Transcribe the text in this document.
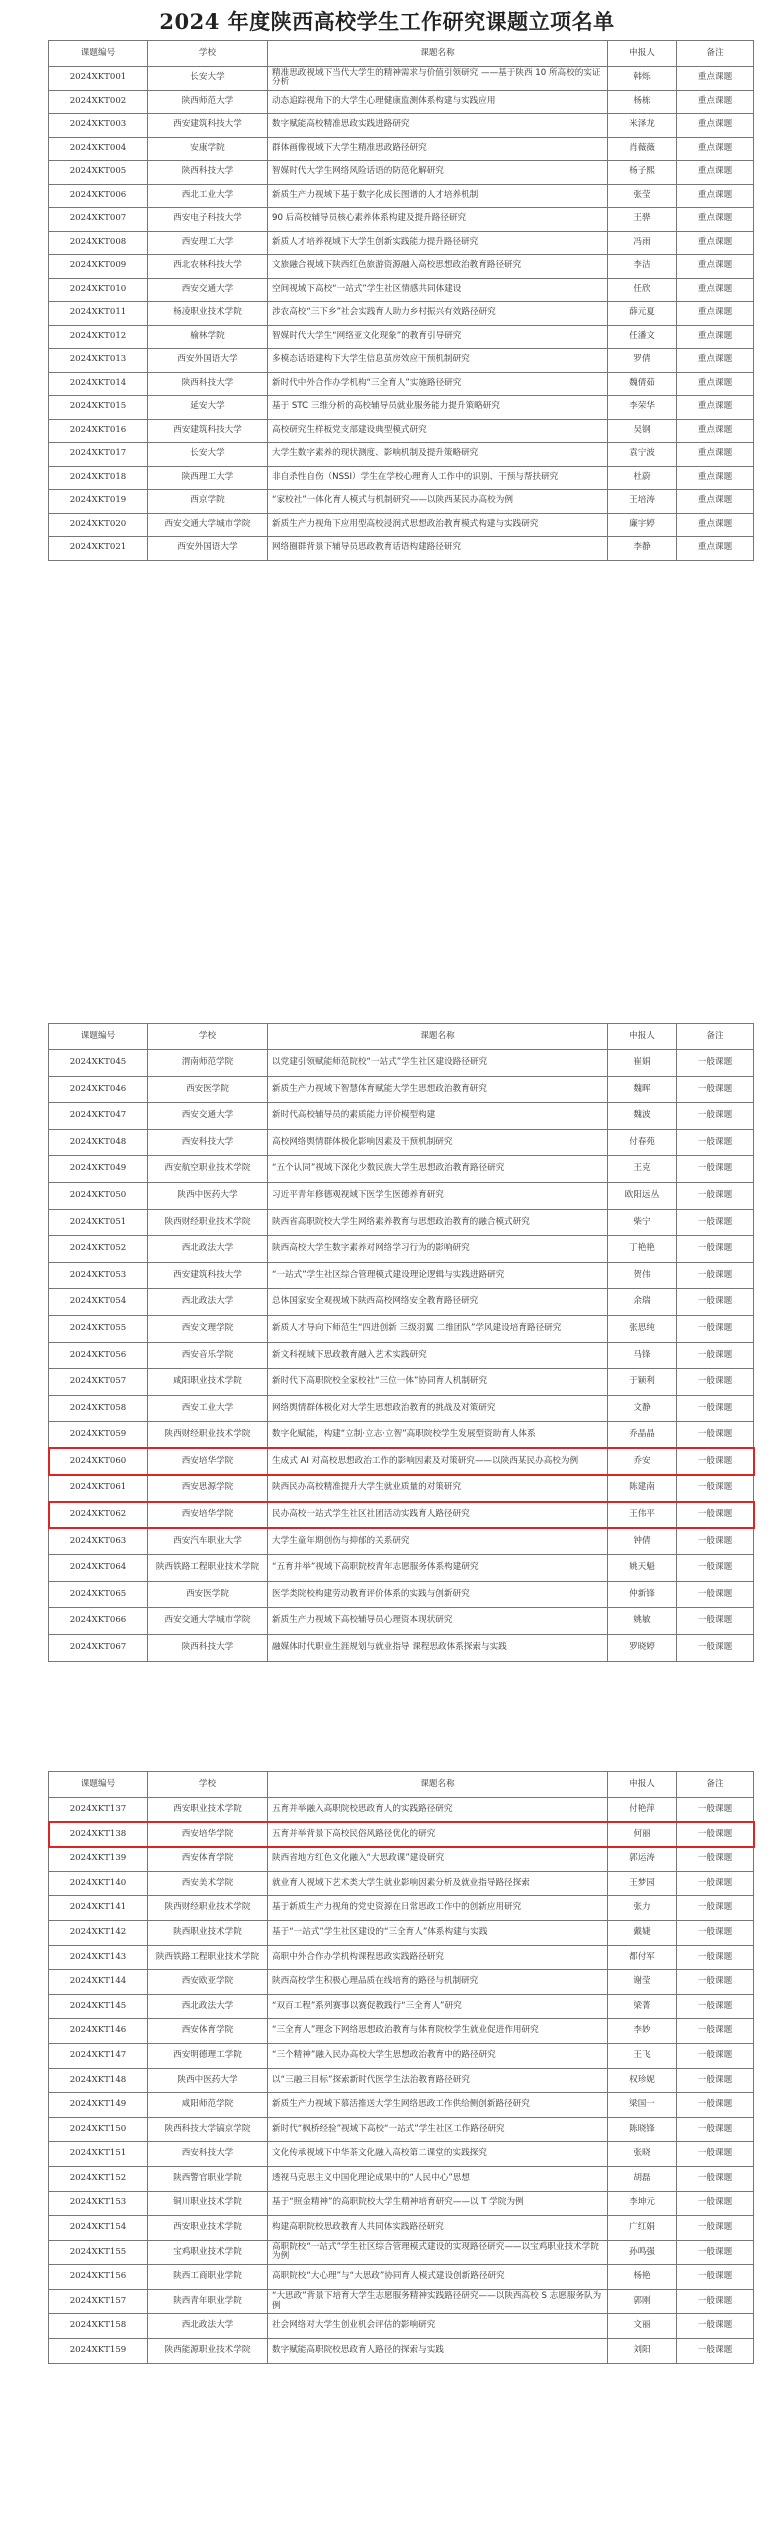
2024 年度陕西高校学生工作研究课题立项名单
课题编号	学校	课题名称	申报人	备注
2024XKT001	长安大学	精准思政视域下当代大学生的精神需求与价值引领研究 ——基于陕西 10 所高校的实证分析	韩烁	重点课题
2024XKT002	陕西师范大学	动态追踪视角下的大学生心理健康监测体系构建与实践应用	杨栋	重点课题
2024XKT003	西安建筑科技大学	数字赋能高校精准思政实践进路研究	米泽龙	重点课题
2024XKT004	安康学院	群体画像视域下大学生精准思政路径研究	肖薇薇	重点课题
2024XKT005	陕西科技大学	智媒时代大学生网络风险话语的防范化解研究	杨子熙	重点课题
2024XKT006	西北工业大学	新质生产力视域下基于数字化成长图谱的人才培养机制	张莹	重点课题
2024XKT007	西安电子科技大学	90 后高校辅导员核心素养体系构建及提升路径研究	王骅	重点课题
2024XKT008	西安理工大学	新质人才培养视域下大学生创新实践能力提升路径研究	冯雨	重点课题
2024XKT009	西北农林科技大学	文旅融合视域下陕西红色旅游资源融入高校思想政治教育路径研究	李洁	重点课题
2024XKT010	西安交通大学	空间视域下高校“一站式”学生社区情感共同体建设	任欣	重点课题
2024XKT011	杨凌职业技术学院	涉农高校“三下乡”社会实践育人助力乡村振兴有效路径研究	薛元夏	重点课题
2024XKT012	榆林学院	智媒时代大学生“网络亚文化现象”的教育引导研究	任潘文	重点课题
2024XKT013	西安外国语大学	多模态话语建构下大学生信息茧房效应干预机制研究	罗倩	重点课题
2024XKT014	陕西科技大学	新时代中外合作办学机构“三全育人”实施路径研究	魏倩茹	重点课题
2024XKT015	延安大学	基于 STC 三维分析的高校辅导员就业服务能力提升策略研究	李荣华	重点课题
2024XKT016	西安建筑科技大学	高校研究生样板党支部建设典型模式研究	吴钢	重点课题
2024XKT017	长安大学	大学生数字素养的现状测度、影响机制及提升策略研究	袁宁波	重点课题
2024XKT018	陕西理工大学	非自杀性自伤（NSSI）学生在学校心理育人工作中的识别、干预与帮扶研究	杜蔚	重点课题
2024XKT019	西京学院	“家校社”一体化育人模式与机制研究——以陕西某民办高校为例	王培涛	重点课题
2024XKT020	西安交通大学城市学院	新质生产力视角下应用型高校浸润式思想政治教育模式构建与实践研究	廉宇婷	重点课题
2024XKT021	西安外国语大学	网络圈群背景下辅导员思政教育话语构建路径研究	李静	重点课题
课题编号	学校	课题名称	申报人	备注
2024XKT045	渭南师范学院	以党建引领赋能师范院校“一站式”学生社区建设路径研究	崔娟	一般课题
2024XKT046	西安医学院	新质生产力视域下智慧体育赋能大学生思想政治教育研究	魏晖	一般课题
2024XKT047	西安交通大学	新时代高校辅导员的素质能力评价模型构建	魏波	一般课题
2024XKT048	西安科技大学	高校网络舆情群体极化影响因素及干预机制研究	付春苑	一般课题
2024XKT049	西安航空职业技术学院	“五个认同”视域下深化少数民族大学生思想政治教育路径研究	王克	一般课题
2024XKT050	陕西中医药大学	习近平青年修德观视域下医学生医德养育研究	欧阳远丛	一般课题
2024XKT051	陕西财经职业技术学院	陕西省高职院校大学生网络素养教育与思想政治教育的融合模式研究	柴宁	一般课题
2024XKT052	西北政法大学	陕西高校大学生数字素养对网络学习行为的影响研究	丁艳艳	一般课题
2024XKT053	西安建筑科技大学	“一站式”学生社区综合管理模式建设理论逻辑与实践进路研究	贺伟	一般课题
2024XKT054	西北政法大学	总体国家安全观视域下陕西高校网络安全教育路径研究	余瑞	一般课题
2024XKT055	西安文理学院	新质人才导向下师范生“四进创新 三级羽翼 二维团队”学风建设培育路径研究	张思纯	一般课题
2024XKT056	西安音乐学院	新文科视域下思政教育融入艺术实践研究	马锋	一般课题
2024XKT057	咸阳职业技术学院	新时代下高职院校全家校社“三位一体”协同育人机制研究	于颖利	一般课题
2024XKT058	西安工业大学	网络舆情群体极化对大学生思想政治教育的挑战及对策研究	文静	一般课题
2024XKT059	陕西财经职业技术学院	数字化赋能，构建“立制·立志·立智”高职院校学生发展型资助育人体系	乔晶晶	一般课题
2024XKT060	西安培华学院	生成式 AI 对高校思想政治工作的影响因素及对策研究——以陕西某民办高校为例	乔安	一般课题
2024XKT061	西安思源学院	陕西民办高校精准提升大学生就业质量的对策研究	陈建南	一般课题
2024XKT062	西安培华学院	民办高校一站式学生社区社团活动实践育人路径研究	王伟平	一般课题
2024XKT063	西安汽车职业大学	大学生童年期创伤与抑郁的关系研究	钟倩	一般课题
2024XKT064	陕西铁路工程职业技术学院	“五育并举”视域下高职院校青年志愿服务体系构建研究	姚天魁	一般课题
2024XKT065	西安医学院	医学类院校构建劳动教育评价体系的实践与创新研究	仲新锋	一般课题
2024XKT066	西安交通大学城市学院	新质生产力视域下高校辅导员心理资本现状研究	姚敏	一般课题
2024XKT067	陕西科技大学	融媒体时代职业生涯规划与就业指导 课程思政体系探索与实践	罗晓婷	一般课题
课题编号	学校	课题名称	申报人	备注
2024XKT137	西安职业技术学院	五育并举融入高职院校思政育人的实践路径研究	付艳萍	一般课题
2024XKT138	西安培华学院	五育并举背景下高校民俗风路径优化的研究	何丽	一般课题
2024XKT139	西安体育学院	陕西省地方红色文化融入“大思政课”建设研究	郭运涛	一般课题
2024XKT140	西安美术学院	就业育人视域下艺术类大学生就业影响因素分析及就业指导路径探索	王梦园	一般课题
2024XKT141	陕西财经职业技术学院	基于新质生产力视角的党史资源在日常思政工作中的创新应用研究	张力	一般课题
2024XKT142	陕西职业技术学院	基于“一站式”学生社区建设的“三全育人”体系构建与实践	戴婕	一般课题
2024XKT143	陕西铁路工程职业技术学院	高职中外合作办学机构课程思政实践路径研究	都付军	一般课题
2024XKT144	西安欧亚学院	陕西高校学生积极心理品质在线培育的路径与机制研究	谢莹	一般课题
2024XKT145	西北政法大学	“双百工程”系列赛事以赛促教践行“三全育人”研究	梁菁	一般课题
2024XKT146	西安体育学院	“三全育人”理念下网络思想政治教育与体育院校学生就业促进作用研究	李妙	一般课题
2024XKT147	西安明德理工学院	“三个精神”融入民办高校大学生思想政治教育中的路径研究	王飞	一般课题
2024XKT148	陕西中医药大学	以“三融三目标”探索新时代医学生法治教育路径研究	权珍妮	一般课题
2024XKT149	咸阳师范学院	新质生产力视域下慕活推送大学生网络思政工作供给侧创新路径研究	梁国一	一般课题
2024XKT150	陕西科技大学镐京学院	新时代“枫桥经验”视域下高校“一站式”学生社区工作路径研究	陈晓锋	一般课题
2024XKT151	西安科技大学	文化传承视域下中华茶文化融入高校第二课堂的实践探究	张晓	一般课题
2024XKT152	陕西警官职业学院	透视马克思主义中国化理论成果中的“人民中心”思想	胡磊	一般课题
2024XKT153	铜川职业技术学院	基于“照金精神”的高职院校大学生精神培育研究——以 T 学院为例	李坤元	一般课题
2024XKT154	西安职业技术学院	构建高职院校思政教育人共同体实践路径研究	广红娟	一般课题
2024XKT155	宝鸡职业技术学院	高职院校“一站式”学生社区综合管理模式建设的实现路径研究——以宝鸡职业技术学院为例	孙鸣强	一般课题
2024XKT156	陕西工商职业学院	高职院校“大心理”与“大思政”协同育人模式建设创新路径研究	杨艳	一般课题
2024XKT157	陕西青年职业学院	“大思政”背景下培育大学生志愿服务精神实践路径研究——以陕西高校 S 志愿服务队为例	郭刚	一般课题
2024XKT158	西北政法大学	社会网络对大学生创业机会评估的影响研究	文丽	一般课题
2024XKT159	陕西能源职业技术学院	数字赋能高职院校思政育人路径的探索与实践	刘阳	一般课题
